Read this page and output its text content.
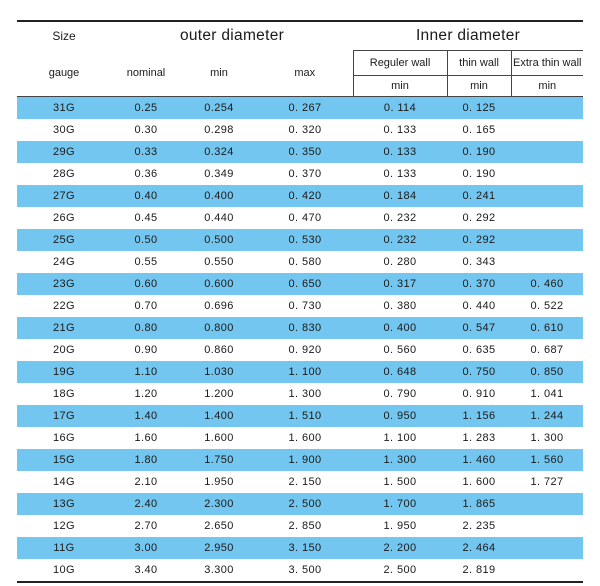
Size	outer diameter			Inner diameter		
gauge	nominal	min	max	Reguler wall	thin wall	Extra thin wall
				min	min	min
31G	0.25	0.254	0. 267	0. 114	0. 125	
30G	0.30	0.298	0. 320	0. 133	0. 165	
29G	0.33	0.324	0. 350	0. 133	0. 190	
28G	0.36	0.349	0. 370	0. 133	0. 190	
27G	0.40	0.400	0. 420	0. 184	0. 241	
26G	0.45	0.440	0. 470	0. 232	0. 292	
25G	0.50	0.500	0. 530	0. 232	0. 292	
24G	0.55	0.550	0. 580	0. 280	0. 343	
23G	0.60	0.600	0. 650	0. 317	0. 370	0. 460
22G	0.70	0.696	0. 730	0. 380	0. 440	0. 522
21G	0.80	0.800	0. 830	0. 400	0. 547	0. 610
20G	0.90	0.860	0. 920	0. 560	0. 635	0. 687
19G	1.10	1.030	1. 100	0. 648	0. 750	0. 850
18G	1.20	1.200	1. 300	0. 790	0. 910	1. 041
17G	1.40	1.400	1. 510	0. 950	1. 156	1. 244
16G	1.60	1.600	1. 600	1. 100	1. 283	1. 300
15G	1.80	1.750	1. 900	1. 300	1. 460	1. 560
14G	2.10	1.950	2. 150	1. 500	1. 600	1. 727
13G	2.40	2.300	2. 500	1. 700	1. 865	
12G	2.70	2.650	2. 850	1. 950	2. 235	
11G	3.00	2.950	3. 150	2. 200	2. 464	
10G	3.40	3.300	3. 500	2. 500	2. 819	
